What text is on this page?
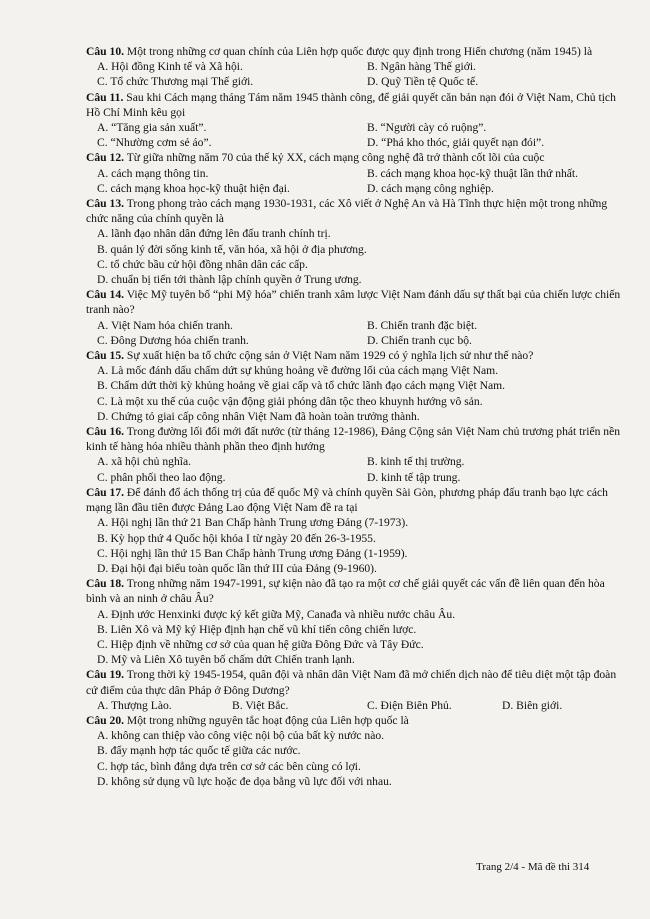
Câu 10. Một trong những cơ quan chính của Liên hợp quốc được quy định trong Hiến chương (năm 1945) là

A. Hội đồng Kinh tế và Xã hội.	B. Ngân hàng Thế giới.
C. Tổ chức Thương mại Thế giới.	D. Quỹ Tiền tệ Quốc tế.

Câu 11. Sau khi Cách mạng tháng Tám năm 1945 thành công, để giải quyết căn bản nạn đói ở Việt Nam, Chủ tịch Hồ Chí Minh kêu gọi

A. “Tăng gia sản xuất”.	B. “Người cày có ruộng”.
C. “Nhường cơm sẻ áo”.	D. “Phá kho thóc, giải quyết nạn đói”.

Câu 12. Từ giữa những năm 70 của thế kỷ XX, cách mạng công nghệ đã trở thành cốt lõi của cuộc

A. cách mạng thông tin.	B. cách mạng khoa học-kỹ thuật lần thứ nhất.
C. cách mạng khoa học-kỹ thuật hiện đại.	D. cách mạng công nghiệp.

Câu 13. Trong phong trào cách mạng 1930-1931, các Xô viết ở Nghệ An và Hà Tĩnh thực hiện một trong những chức năng của chính quyền là

A. lãnh đạo nhân dân đứng lên đấu tranh chính trị.
B. quản lý đời sống kinh tế, văn hóa, xã hội ở địa phương.
C. tổ chức bầu cử hội đồng nhân dân các cấp.
D. chuẩn bị tiến tới thành lập chính quyền ở Trung ương.

Câu 14. Việc Mỹ tuyên bố “phi Mỹ hóa” chiến tranh xâm lược Việt Nam đánh dấu sự thất bại của chiến lược chiến tranh nào?

A. Việt Nam hóa chiến tranh.	B. Chiến tranh đặc biệt.
C. Đông Dương hóa chiến tranh.	D. Chiến tranh cục bộ.

Câu 15. Sự xuất hiện ba tổ chức cộng sản ở Việt Nam năm 1929 có ý nghĩa lịch sử như thế nào?

A. Là mốc đánh dấu chấm dứt sự khủng hoảng về đường lối của cách mạng Việt Nam.
B. Chấm dứt thời kỳ khủng hoảng về giai cấp và tổ chức lãnh đạo cách mạng Việt Nam.
C. Là một xu thế của cuộc vận động giải phóng dân tộc theo khuynh hướng vô sản.
D. Chứng tỏ giai cấp công nhân Việt Nam đã hoàn toàn trưởng thành.

Câu 16. Trong đường lối đổi mới đất nước (từ tháng 12-1986), Đảng Cộng sản Việt Nam chủ trương phát triển nền kinh tế hàng hóa nhiều thành phần theo định hướng

A. xã hội chủ nghĩa.	B. kinh tế thị trường.
C. phân phối theo lao động.	D. kinh tế tập trung.

Câu 17. Để đánh đổ ách thống trị của đế quốc Mỹ và chính quyền Sài Gòn, phương pháp đấu tranh bạo lực cách mạng lần đầu tiên được Đảng Lao động Việt Nam đề ra tại

A. Hội nghị lần thứ 21 Ban Chấp hành Trung ương Đảng (7-1973).
B. Kỳ họp thứ 4 Quốc hội khóa I từ ngày 20 đến 26-3-1955.
C. Hội nghị lần thứ 15 Ban Chấp hành Trung ương Đảng (1-1959).
D. Đại hội đại biểu toàn quốc lần thứ III của Đảng (9-1960).

Câu 18. Trong những năm 1947-1991, sự kiện nào đã tạo ra một cơ chế giải quyết các vấn đề liên quan đến hòa bình và an ninh ở châu Âu?

A. Định ước Henxinki được ký kết giữa Mỹ, Canađa và nhiều nước châu Âu.
B. Liên Xô và Mỹ ký Hiệp định hạn chế vũ khí tiến công chiến lược.
C. Hiệp định về những cơ sở của quan hệ giữa Đông Đức và Tây Đức.
D. Mỹ và Liên Xô tuyên bố chấm dứt Chiến tranh lạnh.

Câu 19. Trong thời kỳ 1945-1954, quân đội và nhân dân Việt Nam đã mở chiến dịch nào để tiêu diệt một tập đoàn cứ điểm của thực dân Pháp ở Đông Dương?

A. Thượng Lào.	B. Việt Bắc.	C. Điện Biên Phủ.	D. Biên giới.

Câu 20. Một trong những nguyên tắc hoạt động của Liên hợp quốc là

A. không can thiệp vào công việc nội bộ của bất kỳ nước nào.
B. đẩy mạnh hợp tác quốc tế giữa các nước.
C. hợp tác, bình đẳng dựa trên cơ sở các bên cùng có lợi.
D. không sử dụng vũ lực hoặc đe dọa bằng vũ lực đối với nhau.
Trang 2/4 - Mã đề thi 314
